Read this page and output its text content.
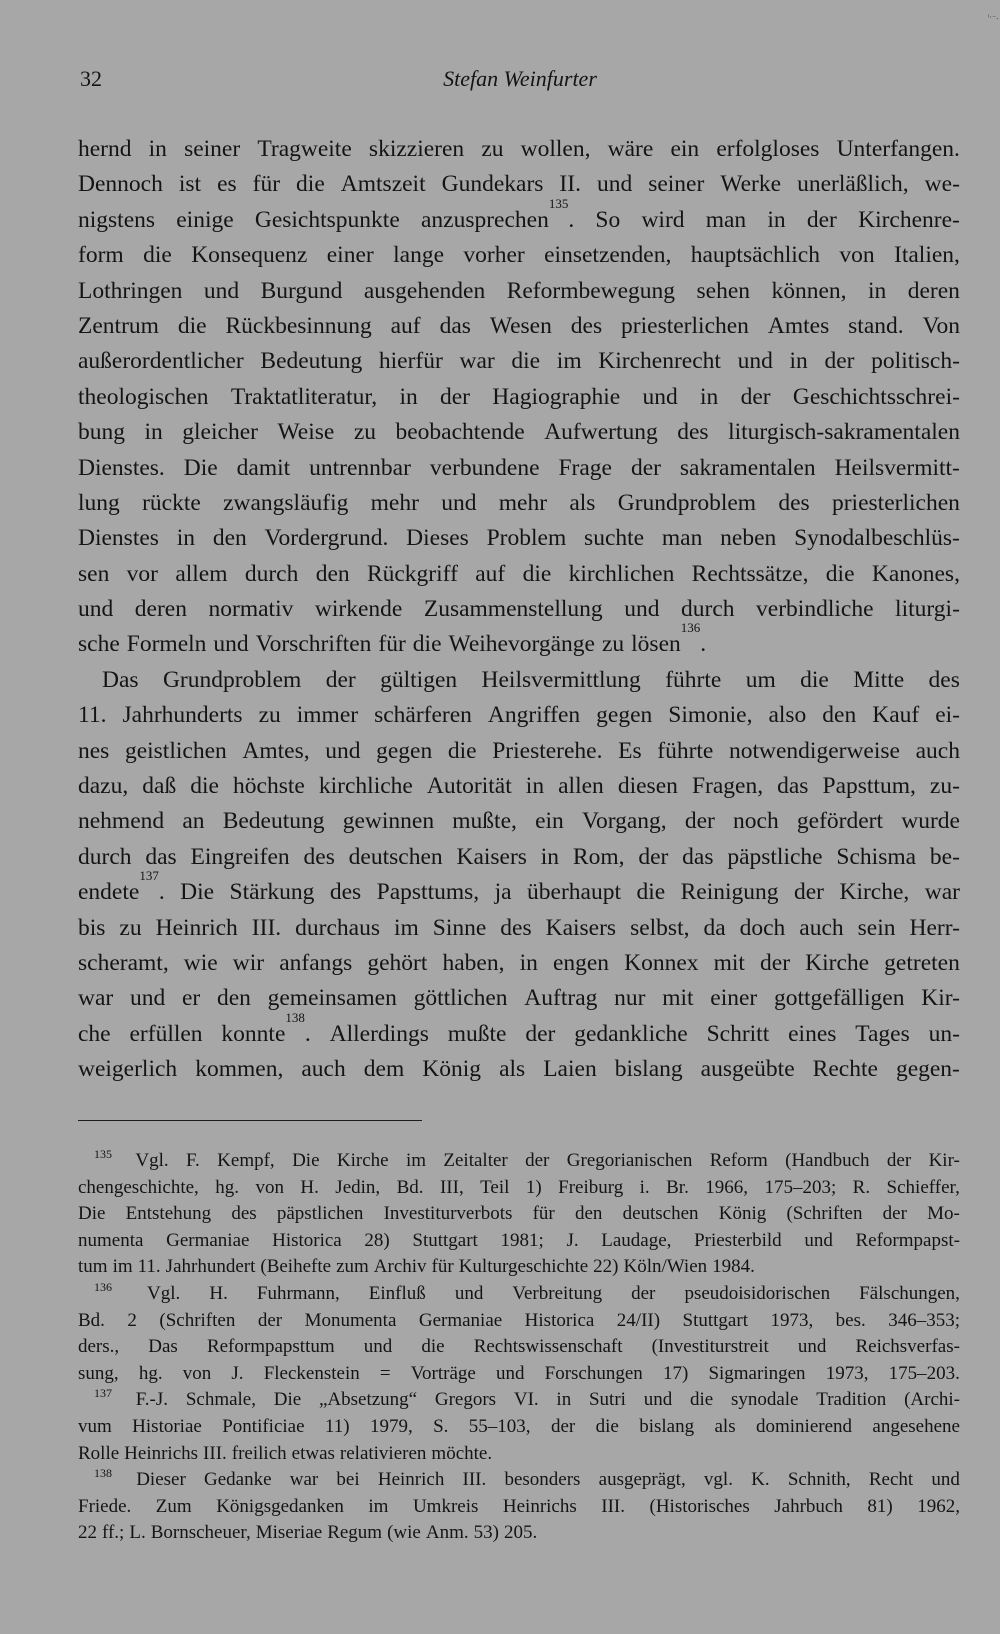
ⁱ·⁻⸳
32	Stefan Weinfurter
hernd in seiner Tragweite skizzieren zu wollen, wäre ein erfolgloses Unterfangen.
Dennoch ist es für die Amtszeit Gundekars II. und seiner Werke unerläßlich, we-
nigstens einige Gesichtspunkte anzusprechen$^{135}$. So wird man in der Kirchenre-
form die Konsequenz einer lange vorher einsetzenden, hauptsächlich von Italien,
Lothringen und Burgund ausgehenden Reformbewegung sehen können, in deren
Zentrum die Rückbesinnung auf das Wesen des priesterlichen Amtes stand. Von
außerordentlicher Bedeutung hierfür war die im Kirchenrecht und in der politisch-
theologischen Traktatliteratur, in der Hagiographie und in der Geschichtsschrei-
bung in gleicher Weise zu beobachtende Aufwertung des liturgisch-sakramentalen
Dienstes. Die damit untrennbar verbundene Frage der sakramentalen Heilsvermitt-
lung rückte zwangsläufig mehr und mehr als Grundproblem des priesterlichen
Dienstes in den Vordergrund. Dieses Problem suchte man neben Synodalbeschlüs-
sen vor allem durch den Rückgriff auf die kirchlichen Rechtssätze, die Kanones,
und deren normativ wirkende Zusammenstellung und durch verbindliche liturgi-
sche Formeln und Vorschriften für die Weihevorgänge zu lösen$^{136}$.
Das Grundproblem der gültigen Heilsvermittlung führte um die Mitte des
11. Jahrhunderts zu immer schärferen Angriffen gegen Simonie, also den Kauf ei-
nes geistlichen Amtes, und gegen die Priesterehe. Es führte notwendigerweise auch
dazu, daß die höchste kirchliche Autorität in allen diesen Fragen, das Papsttum, zu-
nehmend an Bedeutung gewinnen mußte, ein Vorgang, der noch gefördert wurde
durch das Eingreifen des deutschen Kaisers in Rom, der das päpstliche Schisma be-
endete$^{137}$. Die Stärkung des Papsttums, ja überhaupt die Reinigung der Kirche, war
bis zu Heinrich III. durchaus im Sinne des Kaisers selbst, da doch auch sein Herr-
scheramt, wie wir anfangs gehört haben, in engen Konnex mit der Kirche getreten
war und er den gemeinsamen göttlichen Auftrag nur mit einer gottgefälligen Kir-
che erfüllen konnte$^{138}$. Allerdings mußte der gedankliche Schritt eines Tages un-
weigerlich kommen, auch dem König als Laien bislang ausgeübte Rechte gegen-
135 Vgl. F. Kempf, Die Kirche im Zeitalter der Gregorianischen Reform (Handbuch der Kir-
chengeschichte, hg. von H. Jedin, Bd. III, Teil 1) Freiburg i. Br. 1966, 175–203; R. Schieffer,
Die Entstehung des päpstlichen Investiturverbots für den deutschen König (Schriften der Mo-
numenta Germaniae Historica 28) Stuttgart 1981; J. Laudage, Priesterbild und Reformpapst-
tum im 11. Jahrhundert (Beihefte zum Archiv für Kulturgeschichte 22) Köln/Wien 1984.
136 Vgl. H. Fuhrmann, Einfluß und Verbreitung der pseudoisidorischen Fälschungen,
Bd. 2 (Schriften der Monumenta Germaniae Historica 24/II) Stuttgart 1973, bes. 346–353;
ders., Das Reformpapsttum und die Rechtswissenschaft (Investiturstreit und Reichsverfas-
sung, hg. von J. Fleckenstein = Vorträge und Forschungen 17) Sigmaringen 1973, 175–203.
137 F.-J. Schmale, Die „Absetzung“ Gregors VI. in Sutri und die synodale Tradition (Archi-
vum Historiae Pontificiae 11) 1979, S. 55–103, der die bislang als dominierend angesehene
Rolle Heinrichs III. freilich etwas relativieren möchte.
138 Dieser Gedanke war bei Heinrich III. besonders ausgeprägt, vgl. K. Schnith, Recht und
Friede. Zum Königsgedanken im Umkreis Heinrichs III. (Historisches Jahrbuch 81) 1962,
22 ff.; L. Bornscheuer, Miseriae Regum (wie Anm. 53) 205.
